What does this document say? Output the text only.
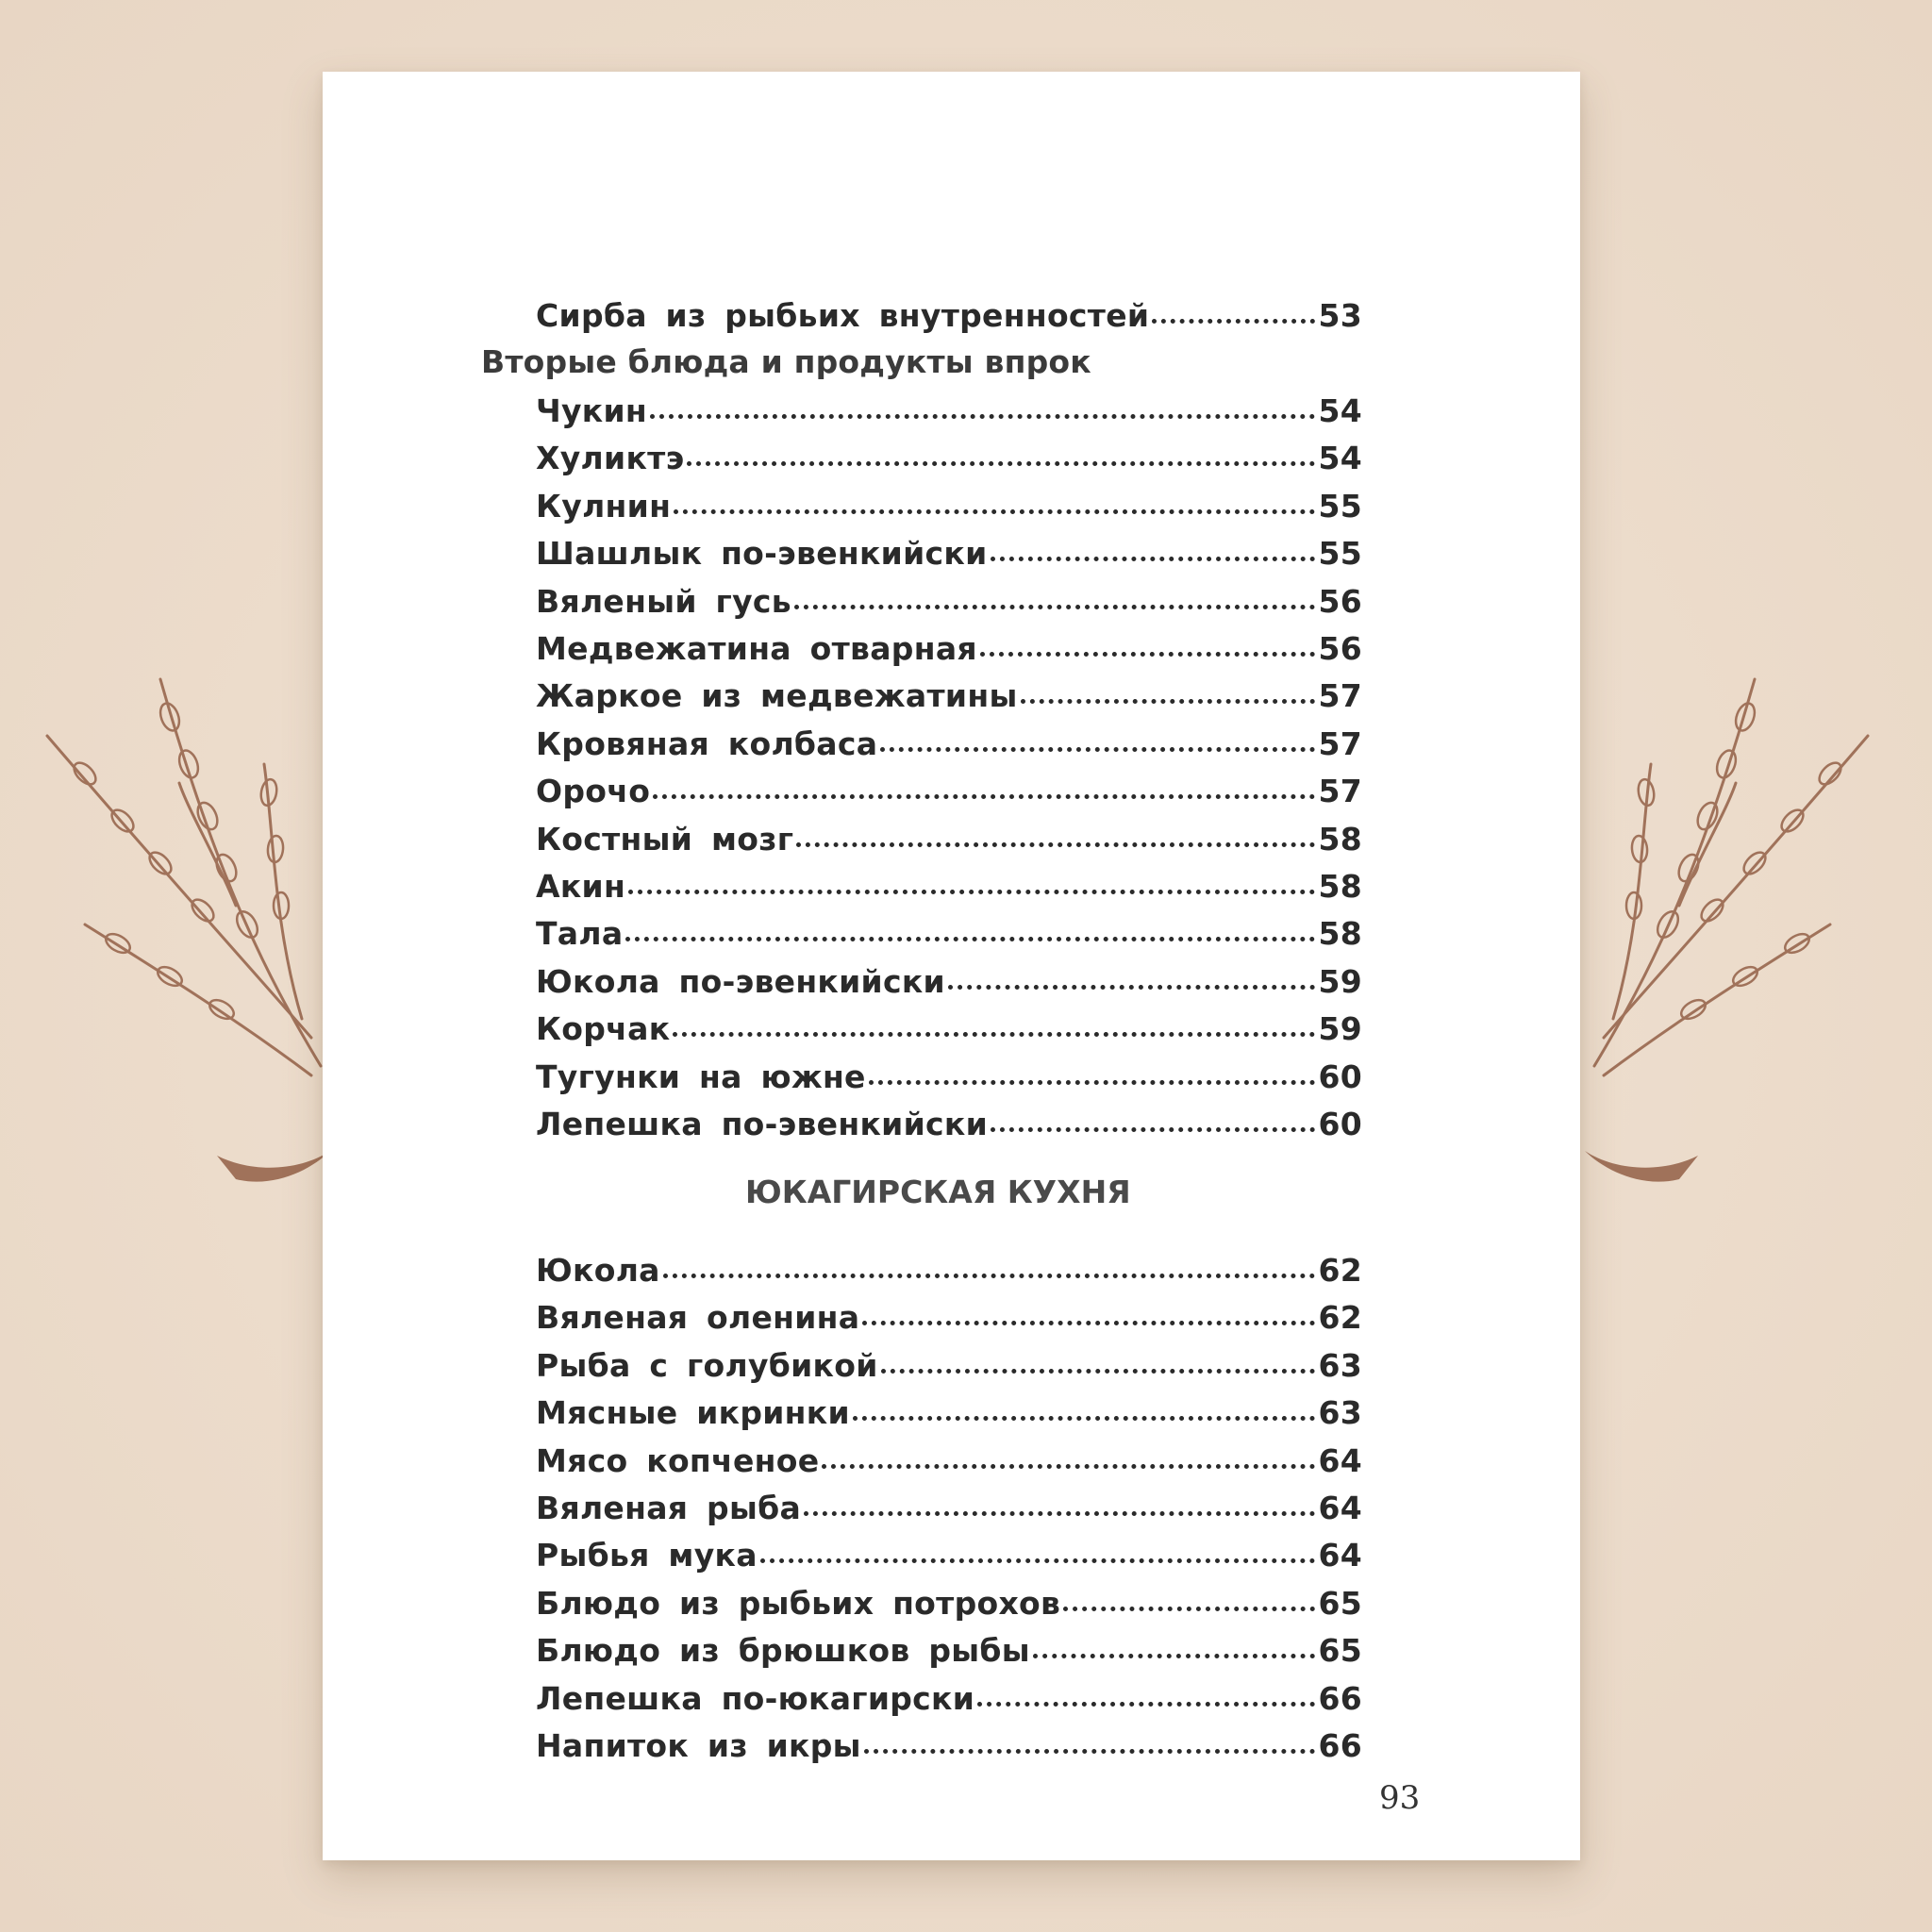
Сирба из рыбьих внутренностей	53
Вторые блюда и продукты впрок
Чукин	54
Хуликтэ	54
Кулнин	55
Шашлык по-эвенкийски	55
Вяленый гусь	56
Медвежатина отварная	56
Жаркое из медвежатины	57
Кровяная колбаса	57
Орочо	57
Костный мозг	58
Акин	58
Тала	58
Юкола по-эвенкийски	59
Корчак	59
Тугунки на южне	60
Лепешка по-эвенкийски	60
ЮКАГИРСКАЯ КУХНЯ
Юкола	62
Вяленая оленина	62
Рыба с голубикой	63
Мясные икринки	63
Мясо копченое	64
Вяленая рыба	64
Рыбья мука	64
Блюдо из рыбьих потрохов	65
Блюдо из брюшков рыбы	65
Лепешка по-юкагирски	66
Напиток из икры	66
93
